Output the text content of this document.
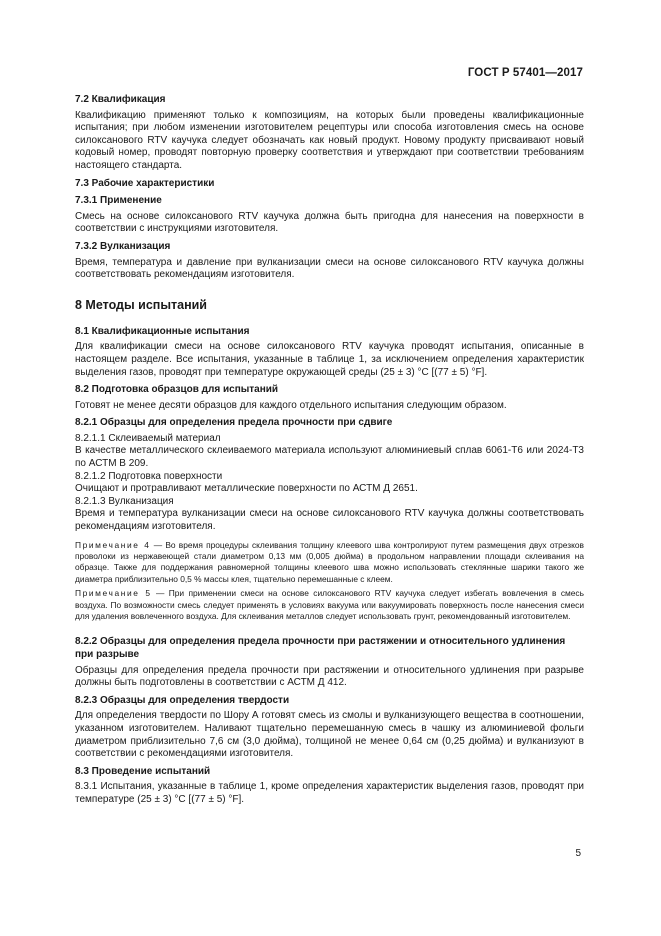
ГОСТ Р 57401—2017
7.2 Квалификация

Квалификацию применяют только к композициям, на которых были проведены квалификационные испытания; при любом изменении изготовителем рецептуры или способа изготовления смесь на основе силоксанового RTV каучука следует обозначать как новый продукт. Новому продукту присваивают новый кодовый номер, проводят повторную проверку соответствия и утверждают при соответствии требованиям настоящего стандарта.

7.3 Рабочие характеристики
7.3.1 Применение

Смесь на основе силоксанового RTV каучука должна быть пригодна для нанесения на поверхности в соответствии с инструкциями изготовителя.

7.3.2 Вулканизация

Время, температура и давление при вулканизации смеси на основе силоксанового RTV каучука должны соответствовать рекомендациям изготовителя.

8 Методы испытаний
8.1 Квалификационные испытания

Для квалификации смеси на основе силоксанового RTV каучука проводят испытания, описанные в настоящем разделе. Все испытания, указанные в таблице 1, за исключением определения характеристик выделения газов, проводят при температуре окружающей среды (25 ± 3) °С [(77 ± 5) °F].

8.2 Подготовка образцов для испытаний

Готовят не менее десяти образцов для каждого отдельного испытания следующим образом.

8.2.1 Образцы для определения предела прочности при сдвиге
8.2.1.1 Склеиваемый материал

В качестве металлического склеиваемого материала используют алюминиевый сплав 6061-Т6 или 2024-Т3 по АСТМ В 209.

8.2.1.2 Подготовка поверхности

Очищают и протравливают металлические поверхности по АСТМ Д 2651.

8.2.1.3 Вулканизация

Время и температура вулканизации смеси на основе силоксанового RTV каучука должны соответствовать рекомендациям изготовителя.

Примечание 4 — Во время процедуры склеивания толщину клеевого шва контролируют путем размещения двух отрезков проволоки из нержавеющей стали диаметром 0,13 мм (0,005 дюйма) в продольном направлении площади склеивания на образце. Также для поддержания равномерной толщины клеевого шва можно использовать стеклянные шарики такого же диаметра приблизительно 0,5 % массы клея, тщательно перемешанные с клеем.

Примечание 5 — При применении смеси на основе силоксанового RTV каучука следует избегать вовлечения в смесь воздуха. По возможности смесь следует применять в условиях вакуума или вакуумировать поверхность после нанесения смеси для удаления вовлеченного воздуха. Для склеивания металлов следует использовать грунт, рекомендованный изготовителем.

8.2.2 Образцы для определения предела прочности при растяжении и относительного удлинения при разрыве

Образцы для определения предела прочности при растяжении и относительного удлинения при разрыве должны быть подготовлены в соответствии с АСТМ Д 412.

8.2.3 Образцы для определения твердости

Для определения твердости по Шору А готовят смесь из смолы и вулканизующего вещества в соотношении, указанном изготовителем. Наливают тщательно перемешанную смесь в чашку из алюминиевой фольги диаметром приблизительно 7,6 см (3,0 дюйма), толщиной не менее 0,64 см (0,25 дюйма) и вулканизуют в соответствии с рекомендациями изготовителя.

8.3 Проведение испытаний

8.3.1 Испытания, указанные в таблице 1, кроме определения характеристик выделения газов, проводят при температуре (25 ± 3) °С [(77 ± 5) °F].

5
